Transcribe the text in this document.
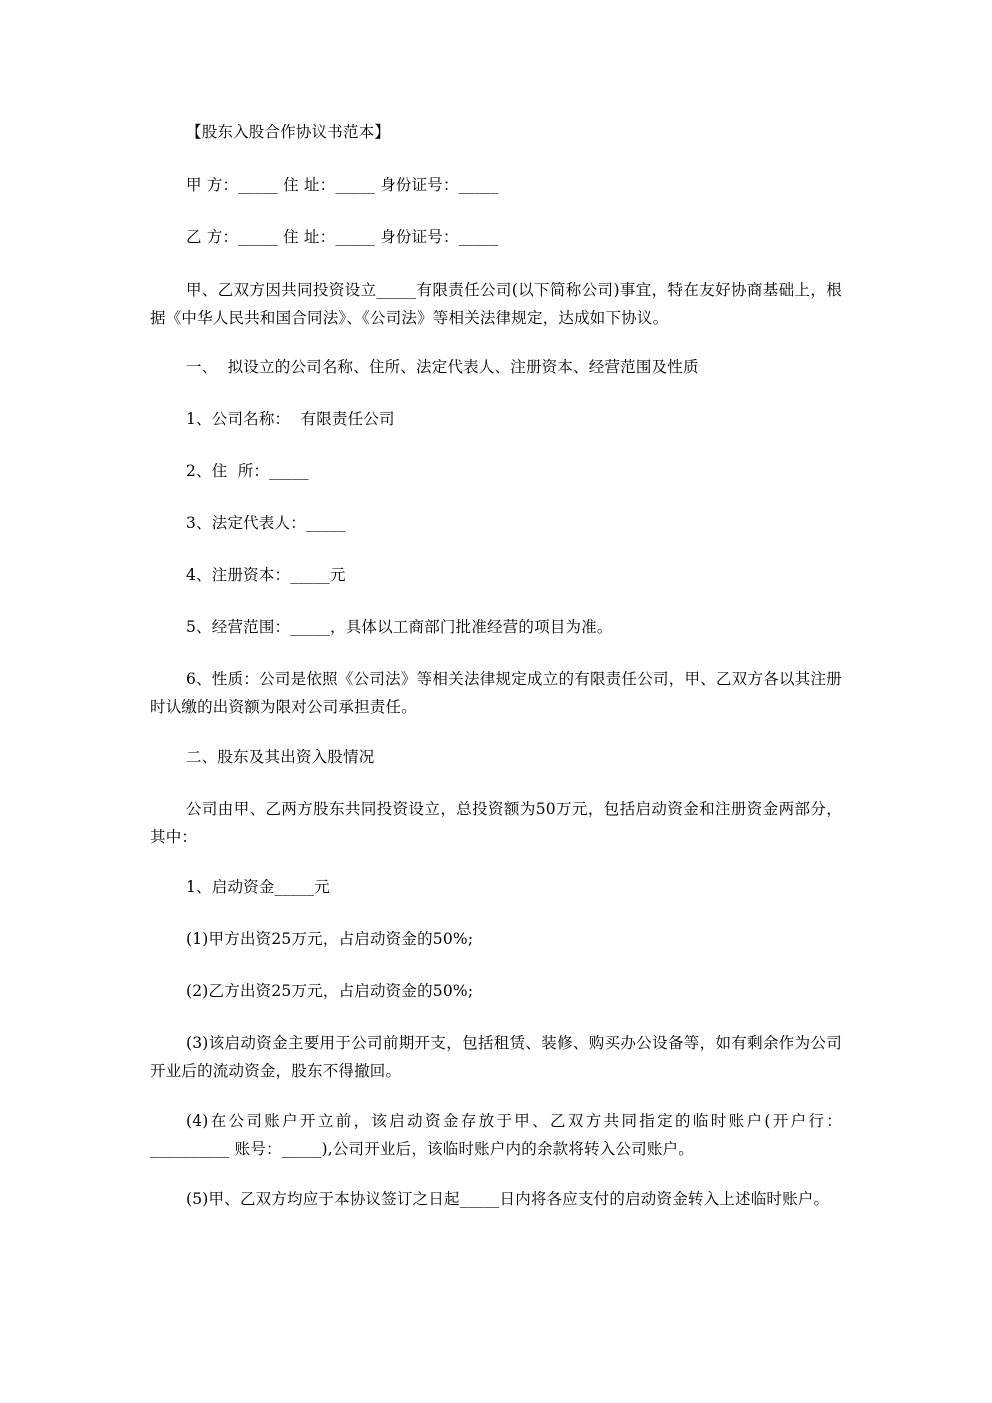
【股东入股合作协议书范本】
甲 方：_____ 住 址：_____ 身份证号：_____
乙 方：_____ 住 址：_____ 身份证号：_____
甲、乙双方因共同投资设立_____有限责任公司(以下简称公司)事宜，特在友好协商基础上，根据《中华人民共和国合同法》、《公司法》等相关法律规定，达成如下协议。
一、  拟设立的公司名称、住所、法定代表人、注册资本、经营范围及性质
1、公司名称：  有限责任公司
2、住  所：_____
3、法定代表人：_____
4、注册资本：_____元
5、经营范围：_____，具体以工商部门批准经营的项目为准。
6、性质：公司是依照《公司法》等相关法律规定成立的有限责任公司，甲、乙双方各以其注册时认缴的出资额为限对公司承担责任。
二、股东及其出资入股情况
公司由甲、乙两方股东共同投资设立，总投资额为50万元，包括启动资金和注册资金两部分，其中：
1、启动资金_____元
(1)甲方出资25万元，占启动资金的50%;
(2)乙方出资25万元，占启动资金的50%;
(3)该启动资金主要用于公司前期开支，包括租赁、装修、购买办公设备等，如有剩余作为公司开业后的流动资金，股东不得撤回。
(4)在公司账户开立前，该启动资金存放于甲、乙双方共同指定的临时账户(开户行：__________ 账号：_____),公司开业后，该临时账户内的余款将转入公司账户。
(5)甲、乙双方均应于本协议签订之日起_____日内将各应支付的启动资金转入上述临时账户。
